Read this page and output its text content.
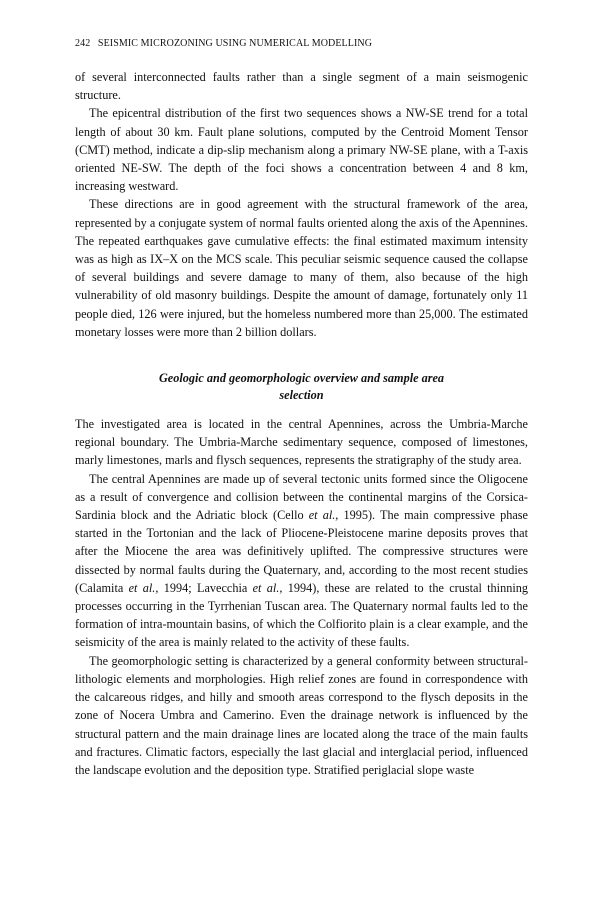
242 SEISMIC MICROZONING USING NUMERICAL MODELLING

of several interconnected faults rather than a single segment of a main seismogenic structure.

The epicentral distribution of the first two sequences shows a NW-SE trend for a total length of about 30 km. Fault plane solutions, computed by the Centroid Moment Tensor (CMT) method, indicate a dip-slip mechanism along a primary NW-SE plane, with a T-axis oriented NE-SW. The depth of the foci shows a concentration between 4 and 8 km, increasing westward.

These directions are in good agreement with the structural framework of the area, represented by a conjugate system of normal faults oriented along the axis of the Apennines. The repeated earthquakes gave cumulative effects: the final estimated maximum intensity was as high as IX–X on the MCS scale. This peculiar seismic sequence caused the collapse of several buildings and severe damage to many of them, also because of the high vulnerability of old masonry buildings. Despite the amount of damage, fortunately only 11 people died, 126 were injured, but the homeless numbered more than 25,000. The estimated monetary losses were more than 2 billion dollars.

Geologic and geomorphologic overview and sample area
selection

The investigated area is located in the central Apennines, across the Umbria-Marche regional boundary. The Umbria-Marche sedimentary sequence, composed of limestones, marly limestones, marls and flysch sequences, represents the stratigraphy of the study area.

The central Apennines are made up of several tectonic units formed since the Oligocene as a result of convergence and collision between the continental margins of the Corsica-Sardinia block and the Adriatic block (Cello et al., 1995). The main compressive phase started in the Tortonian and the lack of Pliocene-Pleistocene marine deposits proves that after the Miocene the area was definitively uplifted. The compressive structures were dissected by normal faults during the Quaternary, and, according to the most recent studies (Calamita et al., 1994; Lavecchia et al., 1994), these are related to the crustal thinning processes occurring in the Tyrrhenian Tuscan area. The Quaternary normal faults led to the formation of intra-mountain basins, of which the Colfiorito plain is a clear example, and the seismicity of the area is mainly related to the activity of these faults.

The geomorphologic setting is characterized by a general conformity between structural-lithologic elements and morphologies. High relief zones are found in correspondence with the calcareous ridges, and hilly and smooth areas correspond to the flysch deposits in the zone of Nocera Umbra and Camerino. Even the drainage network is influenced by the structural pattern and the main drainage lines are located along the trace of the main faults and fractures. Climatic factors, especially the last glacial and interglacial period, influenced the landscape evolution and the deposition type. Stratified periglacial slope waste
